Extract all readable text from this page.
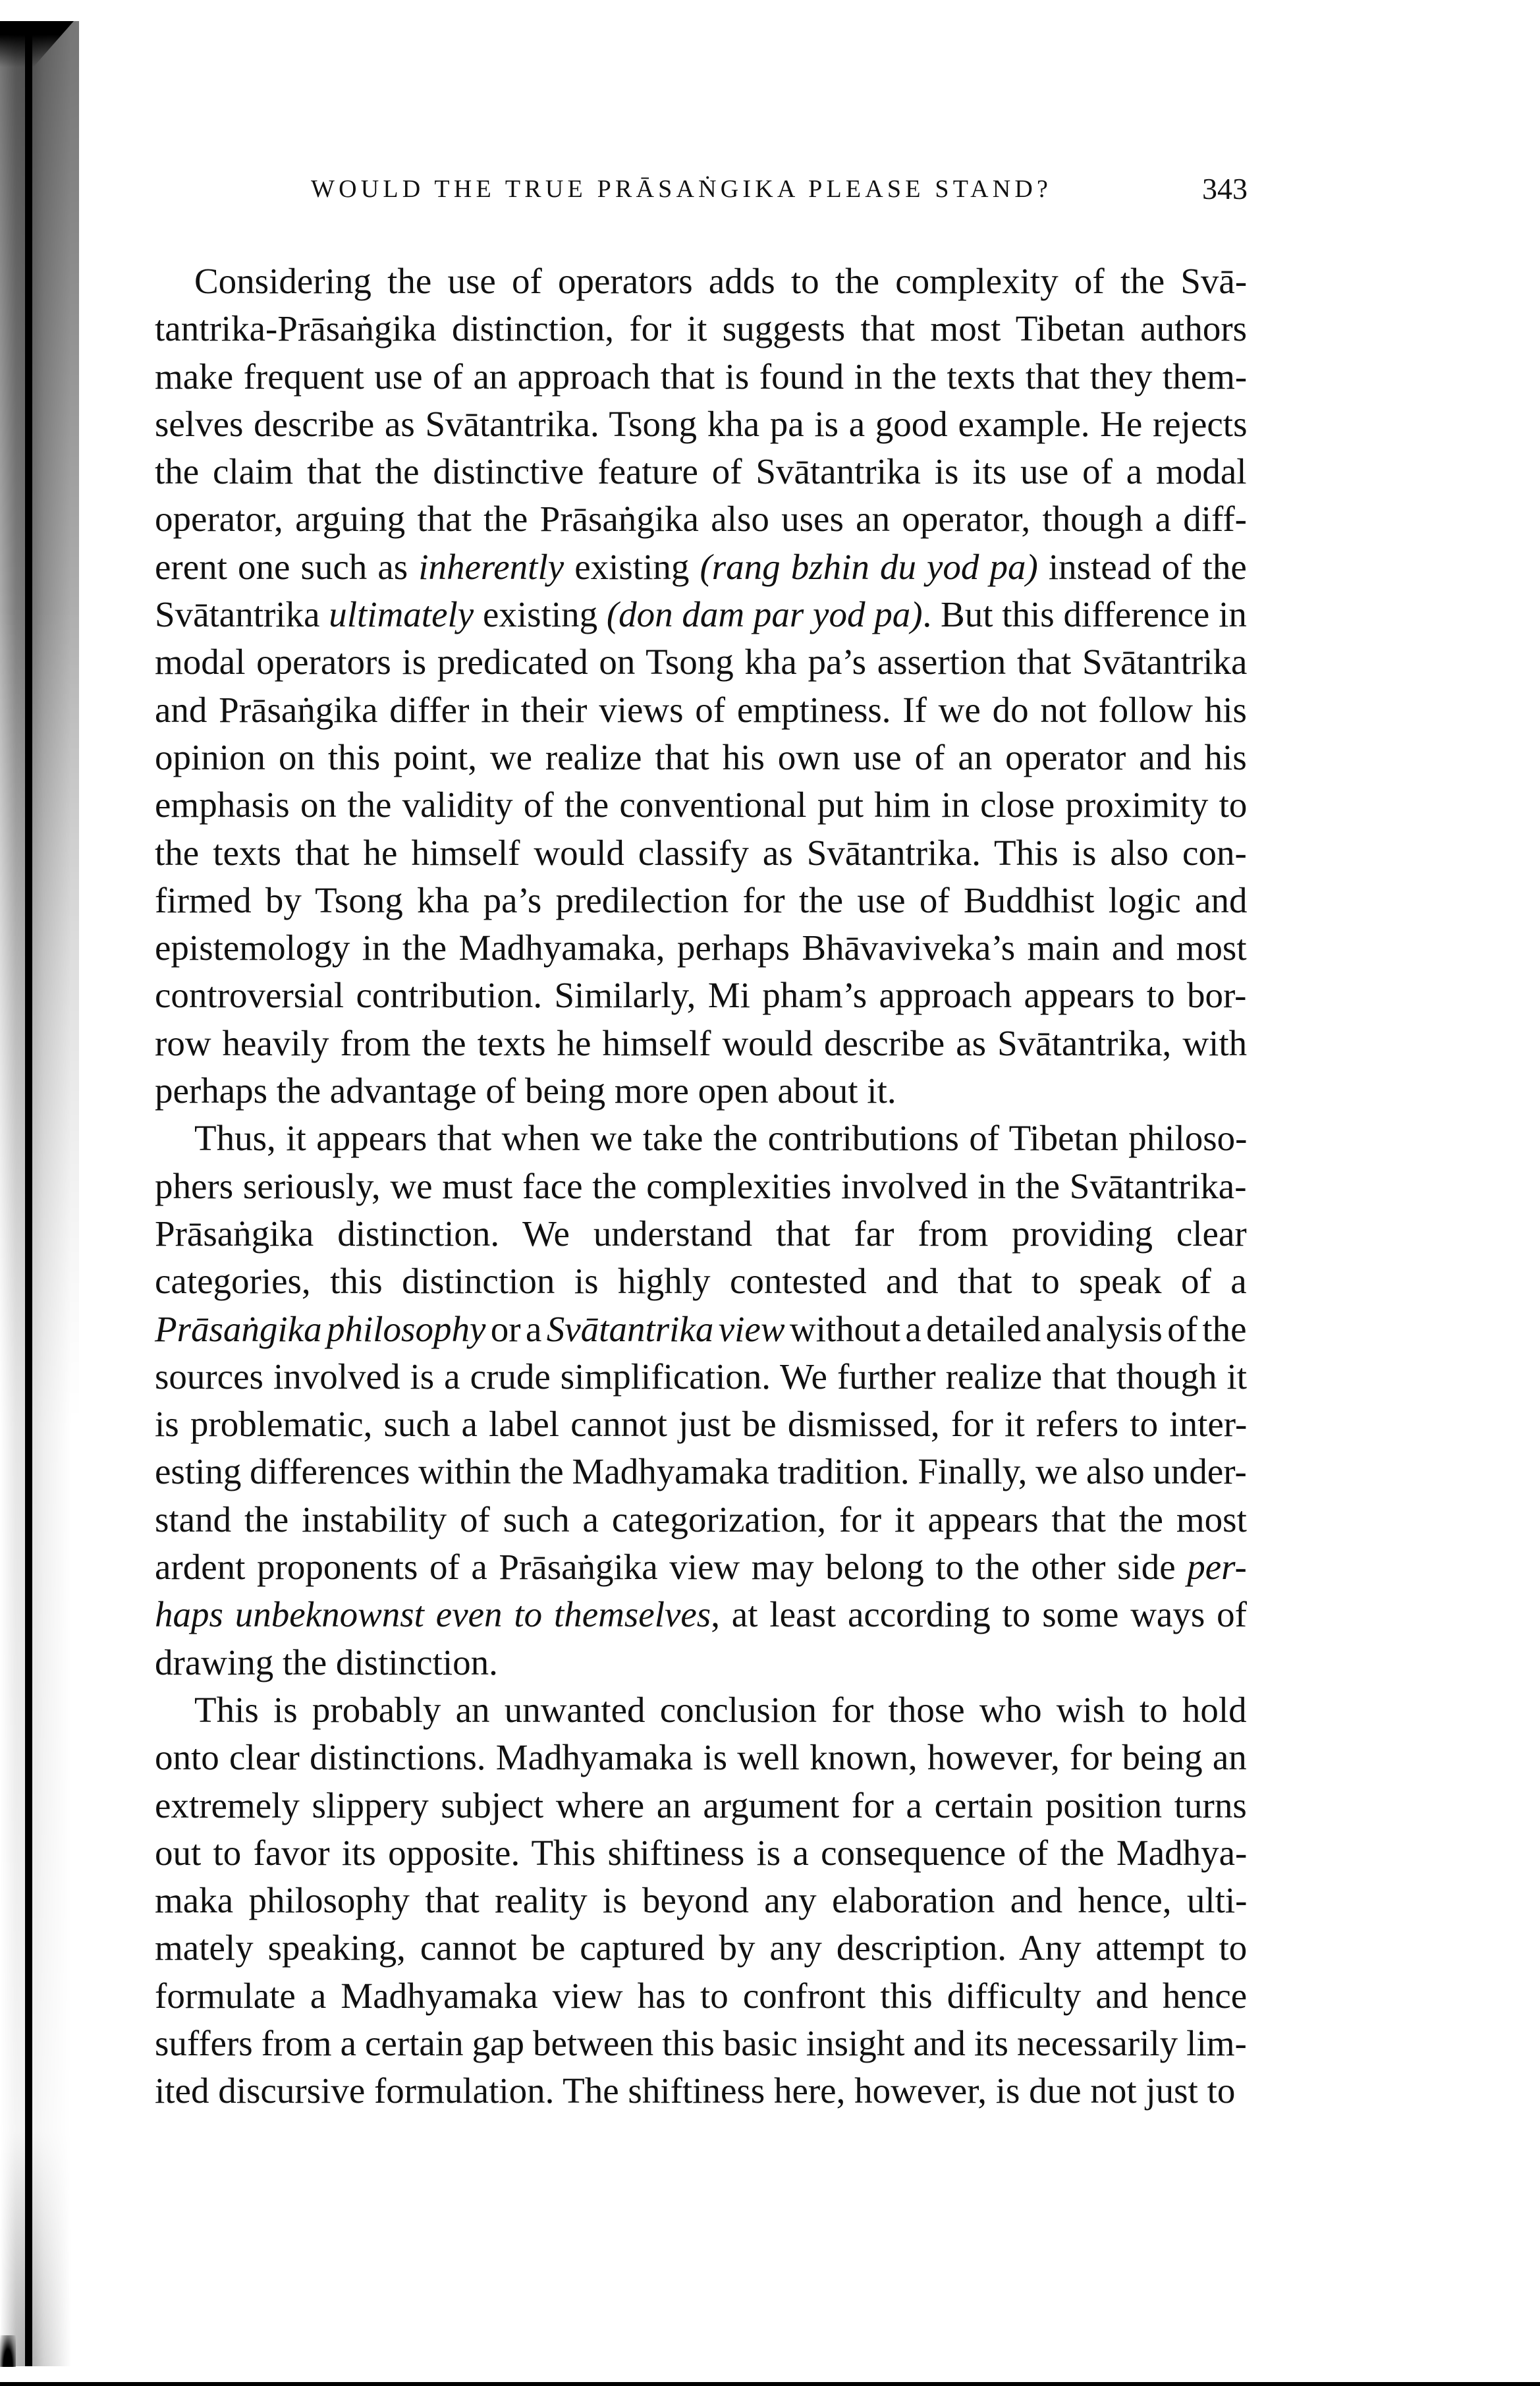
WOULD THE TRUE PRĀSAṄGIKA PLEASE STAND?	343
Considering the use of operators adds to the complexity of the Svā-
tantrika-Prāsaṅgika distinction, for it suggests that most Tibetan authors
make frequent use of an approach that is found in the texts that they them-
selves describe as Svātantrika. Tsong kha pa is a good example. He rejects
the claim that the distinctive feature of Svātantrika is its use of a modal
operator, arguing that the Prāsaṅgika also uses an operator, though a diff-
erent one such as inherently existing (rang bzhin du yod pa) instead of the
Svātantrika ultimately existing (don dam par yod pa). But this difference in
modal operators is predicated on Tsong kha pa’s assertion that Svātantrika
and Prāsaṅgika differ in their views of emptiness. If we do not follow his
opinion on this point, we realize that his own use of an operator and his
emphasis on the validity of the conventional put him in close proximity to
the texts that he himself would classify as Svātantrika. This is also con-
firmed by Tsong kha pa’s predilection for the use of Buddhist logic and
epistemology in the Madhyamaka, perhaps Bhāvaviveka’s main and most
controversial contribution. Similarly, Mi pham’s approach appears to bor-
row heavily from the texts he himself would describe as Svātantrika, with
perhaps the advantage of being more open about it.
Thus, it appears that when we take the contributions of Tibetan philoso-
phers seriously, we must face the complexities involved in the Svātantrika-
Prāsaṅgika distinction. We understand that far from providing clear
categories, this distinction is highly contested and that to speak of a
Prāsaṅgika philosophy or a Svātantrika view without a detailed analysis of the
sources involved is a crude simplification. We further realize that though it
is problematic, such a label cannot just be dismissed, for it refers to inter-
esting differences within the Madhyamaka tradition. Finally, we also under-
stand the instability of such a categorization, for it appears that the most
ardent proponents of a Prāsaṅgika view may belong to the other side per-
haps unbeknownst even to themselves, at least according to some ways of
drawing the distinction.
This is probably an unwanted conclusion for those who wish to hold
onto clear distinctions. Madhyamaka is well known, however, for being an
extremely slippery subject where an argument for a certain position turns
out to favor its opposite. This shiftiness is a consequence of the Madhya-
maka philosophy that reality is beyond any elaboration and hence, ulti-
mately speaking, cannot be captured by any description. Any attempt to
formulate a Madhyamaka view has to confront this difficulty and hence
suffers from a certain gap between this basic insight and its necessarily lim-
ited discursive formulation. The shiftiness here, however, is due not just to
